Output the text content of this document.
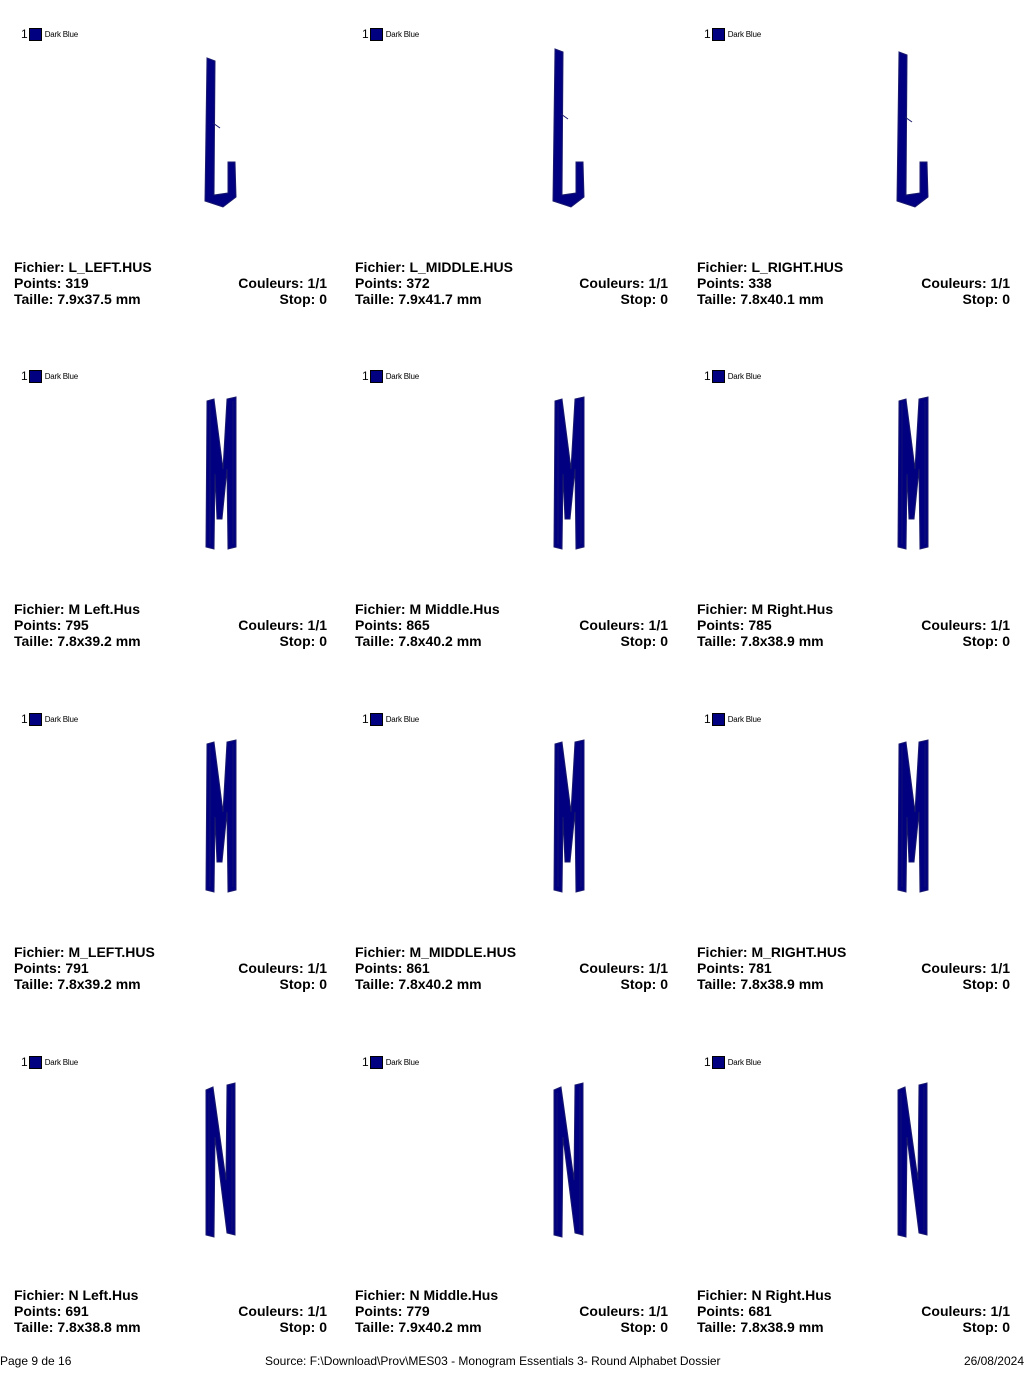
1 Dark Blue
Fichier: L_LEFT.HUS
Points: 319	Couleurs: 1/1
Taille: 7.9x37.5 mm	Stop: 0
1 Dark Blue
Fichier: L_MIDDLE.HUS
Points: 372	Couleurs: 1/1
Taille: 7.9x41.7 mm	Stop: 0
1 Dark Blue
Fichier: L_RIGHT.HUS
Points: 338	Couleurs: 1/1
Taille: 7.8x40.1 mm	Stop: 0
1 Dark Blue
Fichier: M Left.Hus
Points: 795	Couleurs: 1/1
Taille: 7.8x39.2 mm	Stop: 0
1 Dark Blue
Fichier: M Middle.Hus
Points: 865	Couleurs: 1/1
Taille: 7.8x40.2 mm	Stop: 0
1 Dark Blue
Fichier: M Right.Hus
Points: 785	Couleurs: 1/1
Taille: 7.8x38.9 mm	Stop: 0
1 Dark Blue
Fichier: M_LEFT.HUS
Points: 791	Couleurs: 1/1
Taille: 7.8x39.2 mm	Stop: 0
1 Dark Blue
Fichier: M_MIDDLE.HUS
Points: 861	Couleurs: 1/1
Taille: 7.8x40.2 mm	Stop: 0
1 Dark Blue
Fichier: M_RIGHT.HUS
Points: 781	Couleurs: 1/1
Taille: 7.8x38.9 mm	Stop: 0
1 Dark Blue
Fichier: N Left.Hus
Points: 691	Couleurs: 1/1
Taille: 7.8x38.8 mm	Stop: 0
1 Dark Blue
Fichier: N Middle.Hus
Points: 779	Couleurs: 1/1
Taille: 7.9x40.2 mm	Stop: 0
1 Dark Blue
Fichier: N Right.Hus
Points: 681	Couleurs: 1/1
Taille: 7.8x38.9 mm	Stop: 0
Page 9 de 16	Source: F:\Download\Prov\MES03 - Monogram Essentials 3- Round Alphabet Dossier	26/08/2024
